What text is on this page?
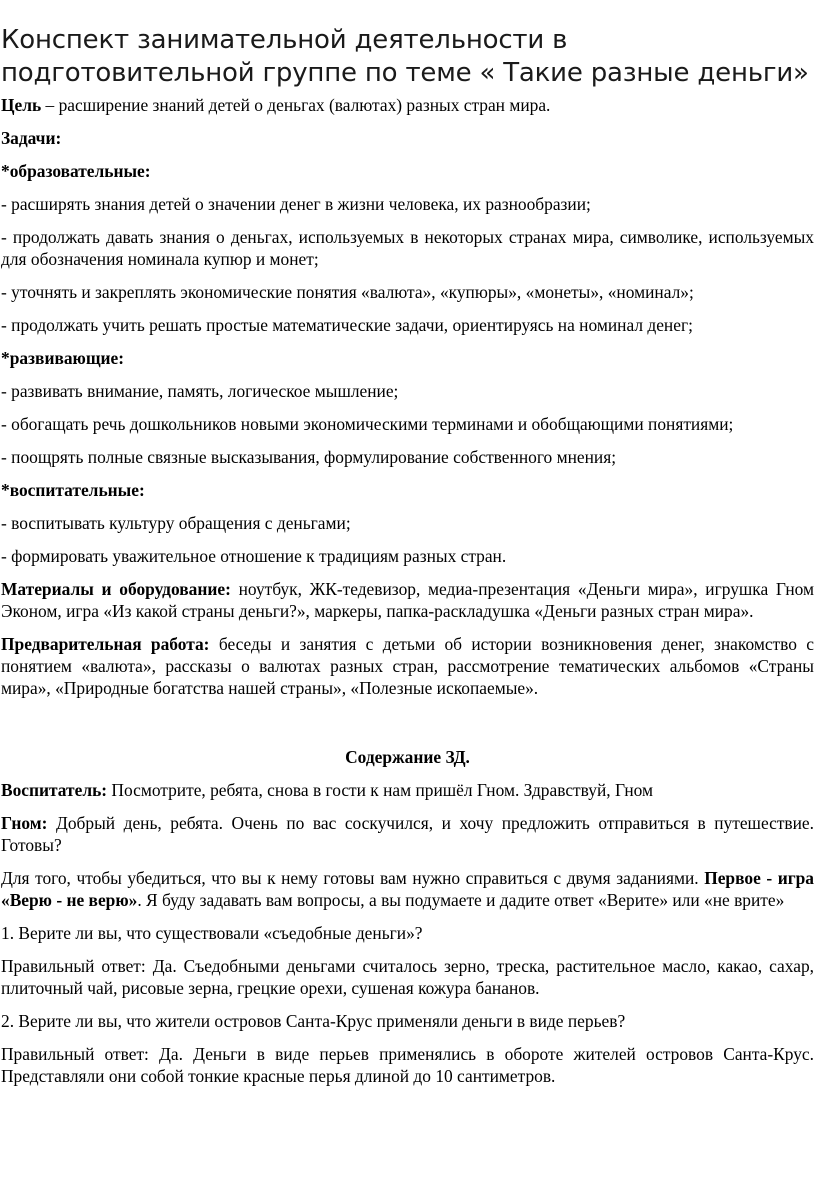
Конспект занимательной деятельности в подготовительной группе по теме « Такие разные деньги»

Цель – расширение знаний детей о деньгах (валютах) разных стран мира.

Задачи:

*образовательные:

- расширять знания детей о значении денег в жизни человека, их разнообразии;

- продолжать давать знания о деньгах, используемых в некоторых странах мира, символике, используемых для обозначения номинала купюр и монет;

- уточнять и закреплять экономические понятия «валюта», «купюры», «монеты», «номинал»;

- продолжать учить решать простые математические задачи, ориентируясь на номинал денег;

*развивающие:

- развивать внимание, память, логическое мышление;

- обогащать речь дошкольников новыми экономическими терминами и обобщающими понятиями;

- поощрять полные связные высказывания, формулирование собственного мнения;

*воспитательные:

- воспитывать культуру обращения с деньгами;

- формировать уважительное отношение к традициям разных стран.

Материалы и оборудование: ноутбук, ЖК-тедевизор, медиа-презентация «Деньги мира», игрушка Гном Эконом, игра «Из какой страны деньги?», маркеры, папка-раскладушка «Деньги разных стран мира».

Предварительная работа: беседы и занятия с детьми об истории возникновения денег, знакомство с понятием «валюта», рассказы о валютах разных стран, рассмотрение тематических альбомов «Страны мира», «Природные богатства нашей страны», «Полезные ископаемые».

Содержание ЗД.

Воспитатель: Посмотрите, ребята, снова в гости к нам пришёл Гном. Здравствуй, Гном

Гном: Добрый день, ребята. Очень по вас соскучился, и хочу предложить отправиться в путешествие. Готовы?

Для того, чтобы убедиться, что вы к нему готовы вам нужно справиться с двумя заданиями. Первое - игра «Верю - не верю». Я буду задавать вам вопросы, а вы подумаете и дадите ответ «Верите» или «не врите»

1. Верите ли вы, что существовали «съедобные деньги»?

Правильный ответ: Да. Съедобными деньгами считалось зерно, треска, растительное масло, какао, сахар, плиточный чай, рисовые зерна, грецкие орехи, сушеная кожура бананов.

2. Верите ли вы, что жители островов Санта-Крус применяли деньги в виде перьев?

Правильный ответ: Да. Деньги в виде перьев применялись в обороте жителей островов Санта-Крус. Представляли они собой тонкие красные перья длиной до 10 сантиметров.
